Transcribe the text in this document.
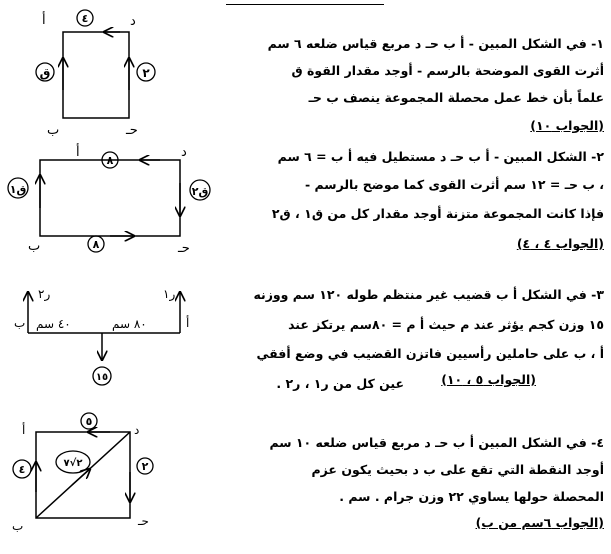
أ	د
ب	حـ
٤
ق	٢
أ	د
ب	حـ
٨
٨
ق١	ق٢
ر٢	ر١
ب	أ
٤٠ سم	٨٠ سم
١٥
أ	د
ب	حـ
٥
٤	٢
٢√٧
١- في الشكل المبين - أ ب حـ د مربع قياس ضلعه ٦ سم
أثرت القوى الموضحة بالرسم - أوجد مقدار القوة ق
علماً بأن خط عمل محصلة المجموعة ينصف ب حـ
(الجواب ١٠)
٢- الشكل المبين - أ ب حـ د مستطيل فيه أ ب = ٦ سم
، ب حـ = ١٢ سم أثرت القوى كما موضح بالرسم -
فإذا كانت المجموعة متزنة أوجد مقدار كل من ق١ ، ق٢
(الجواب ٤ ، ٤)
٣- في الشكل أ ب قضيب غير منتظم طوله ١٢٠ سم ووزنه
١٥ وزن كجم يؤثر عند م حيث أ م = ٨٠سم يرتكز عند
أ ، ب على حاملين رأسيين فاتزن القضيب في وضع أفقي
عين كل من ر١ ، ر٢ .	(الجواب ٥ ، ١٠)
٤- في الشكل المبين أ ب حـ د مربع قياس ضلعه ١٠ سم
أوجد النقطة التي تقع على ب د بحيث يكون عزم
المحصلة حولها يساوي ٢٢ وزن جرام . سم .
(الجواب ٦سم من ب)
